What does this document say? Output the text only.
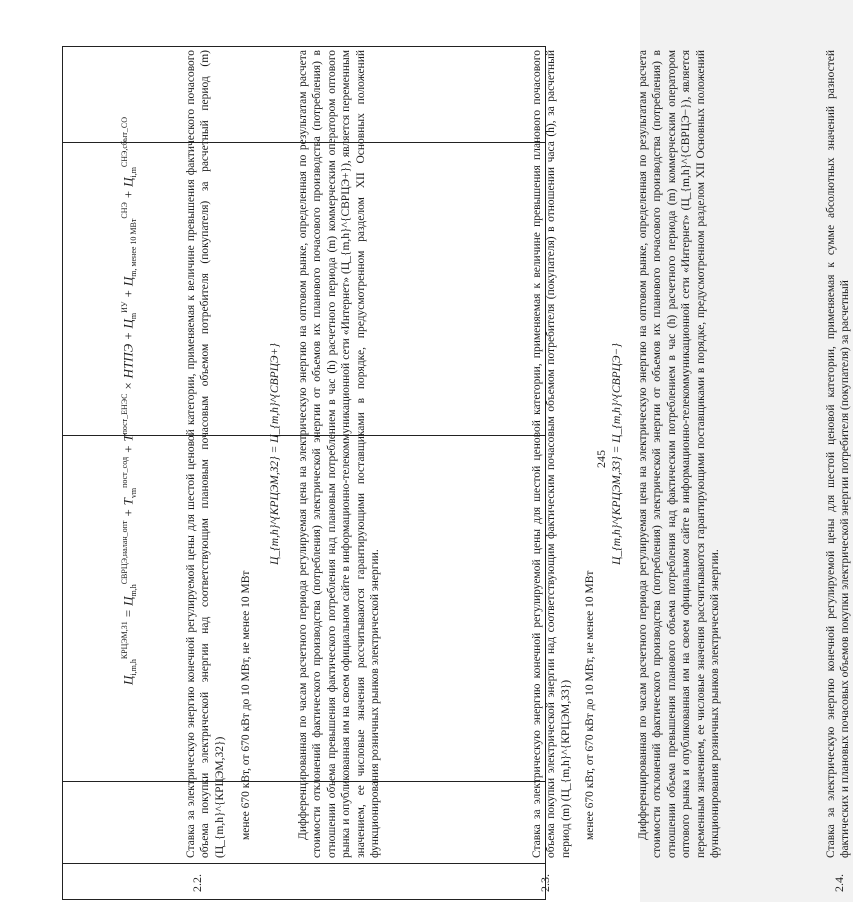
245
$Ц_{i,m,h}^{КРЦЭМ,З1} = Ц_{m,h}^{СВРЦЭ,налан\_опт} + T_{vm}^{пост\_сод} + T^{пост\_ЕНЭС}$ × НТПЭ + $Ц_m^{ИУ} + Ц_{m, менее 10 МВт}^{СНЭ} + Ц_{i,m}^{СНЭ,сбыт\_СО}$
2.2.

Ставка за электрическую энергию конечной регулируемой цены для шестой ценовой категории, применяемая к величине превышения фактического почасового объема покупки электрической энергии над соответствующим плановым почасовым объемом потребителя (покупателя) за расчетный период (m) (Ц_{m,h}^{КРЦЭМ,З2}) менее 670 кВт, от 670 кВт до 10 МВт, не менее 10 МВт

Ц_{m,h}^{КРЦЭМ,З2} = Ц_{m,h}^{СВРЦЭ+} Дифференцированная по часам расчетного периода регулируемая цена на электрическую энергию на оптовом рынке, определенная по результатам расчета стоимости отклонений фактического производства (потребления) электрической энергии от объемов их планового почасового производства (потребления) в отношении объема превышения фактического потребления над плановым потреблением в час (h) расчетного периода (m) коммерческим оператором оптового рынка и опубликованная им на своем официальном сайте в информационно-телекоммуникационной сети «Интернет» (Ц_{m,h}^{СВРЦЭ+}), является переменным значением, ее числовые значения рассчитываются гарантирующими поставщиками в порядке, предусмотренном разделом XII Основных положений функционирования розничных рынков электрической энергии.

2.3.

Ставка за электрическую энергию конечной регулируемой цены для шестой ценовой категории, применяемая к величине превышения планового почасового объема покупки электрической энергии над соответствующим фактическим почасовым объемом потребителя (покупателя) в отношении часа (h), за расчетный период (m) (Ц_{m,h}^{КРЦЭМ,З3}) менее 670 кВт, от 670 кВт до 10 МВт, не менее 10 МВт

Ц_{m,h}^{КРЦЭМ,З3} = Ц_{m,h}^{СВРЦЭ−} Дифференцированная по часам расчетного периода регулируемая цена на электрическую энергию на оптовом рынке, определенная по результатам расчета стоимости отклонений фактического производства (потребления) электрической энергии от объемов их планового почасового производства (потребления) в отношении объема превышения планового объема потребления над фактическим потреблением в час (h) расчетного периода (m) коммерческим оператором оптового рынка и опубликованная им на своем официальном сайте в информационно-телекоммуникационной сети «Интернет» (Ц_{m,h}^{СВРЦЭ−}), является переменным значением, ее числовые значения рассчитываются гарантирующими поставщиками в порядке, предусмотренном разделом XII Основных положений функционирования розничных рынков электрической энергии.

2.4.

Ставка за электрическую энергию конечной регулируемой цены для шестой ценовой категории, применяемая к сумме абсолютных значений разностей фактических и плановых почасовых объемов покупки электрической энергии потребителя (покупателя) за расчетный
